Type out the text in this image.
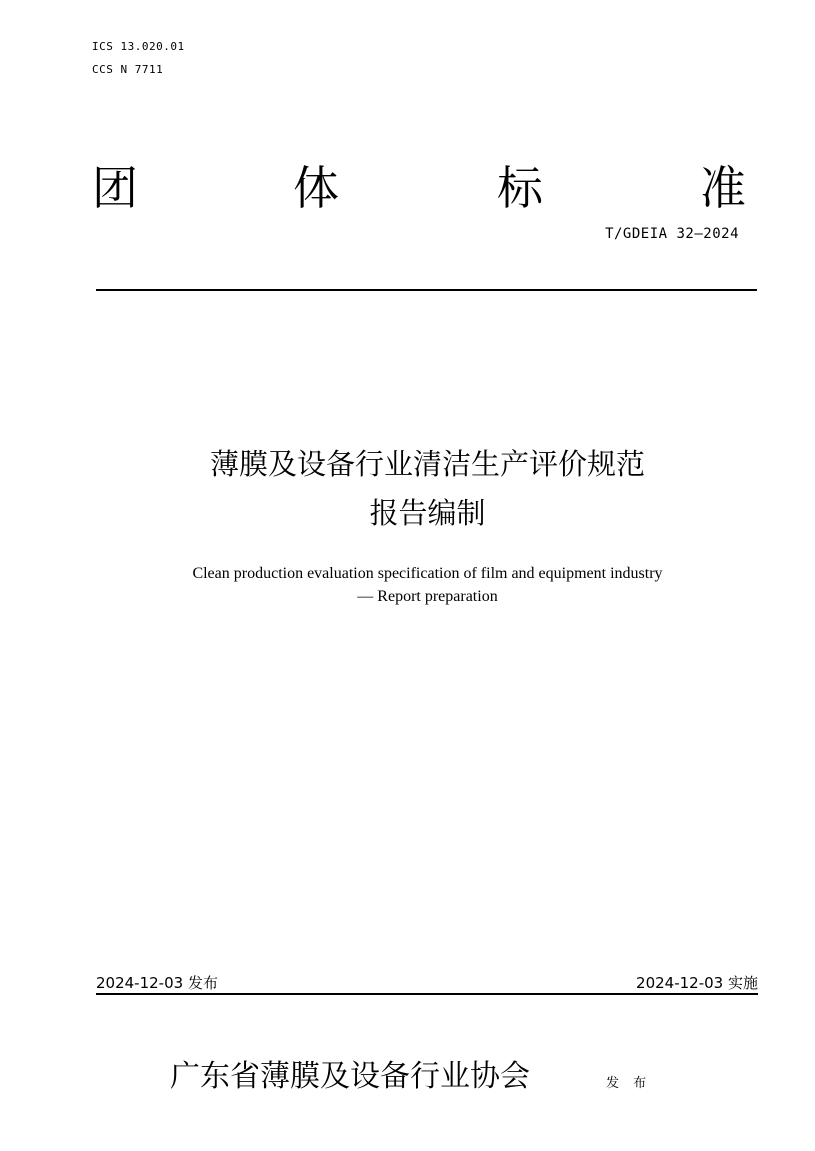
ICS 13.020.01
CCS N 7711
团	体	标	准
T/GDEIA 32—2024
薄膜及设备行业清洁生产评价规范
报告编制
Clean production evaluation specification of film and equipment industry
— Report preparation
2024-12-03 发布	2024-12-03 实施
广东省薄膜及设备行业协会	发 布
